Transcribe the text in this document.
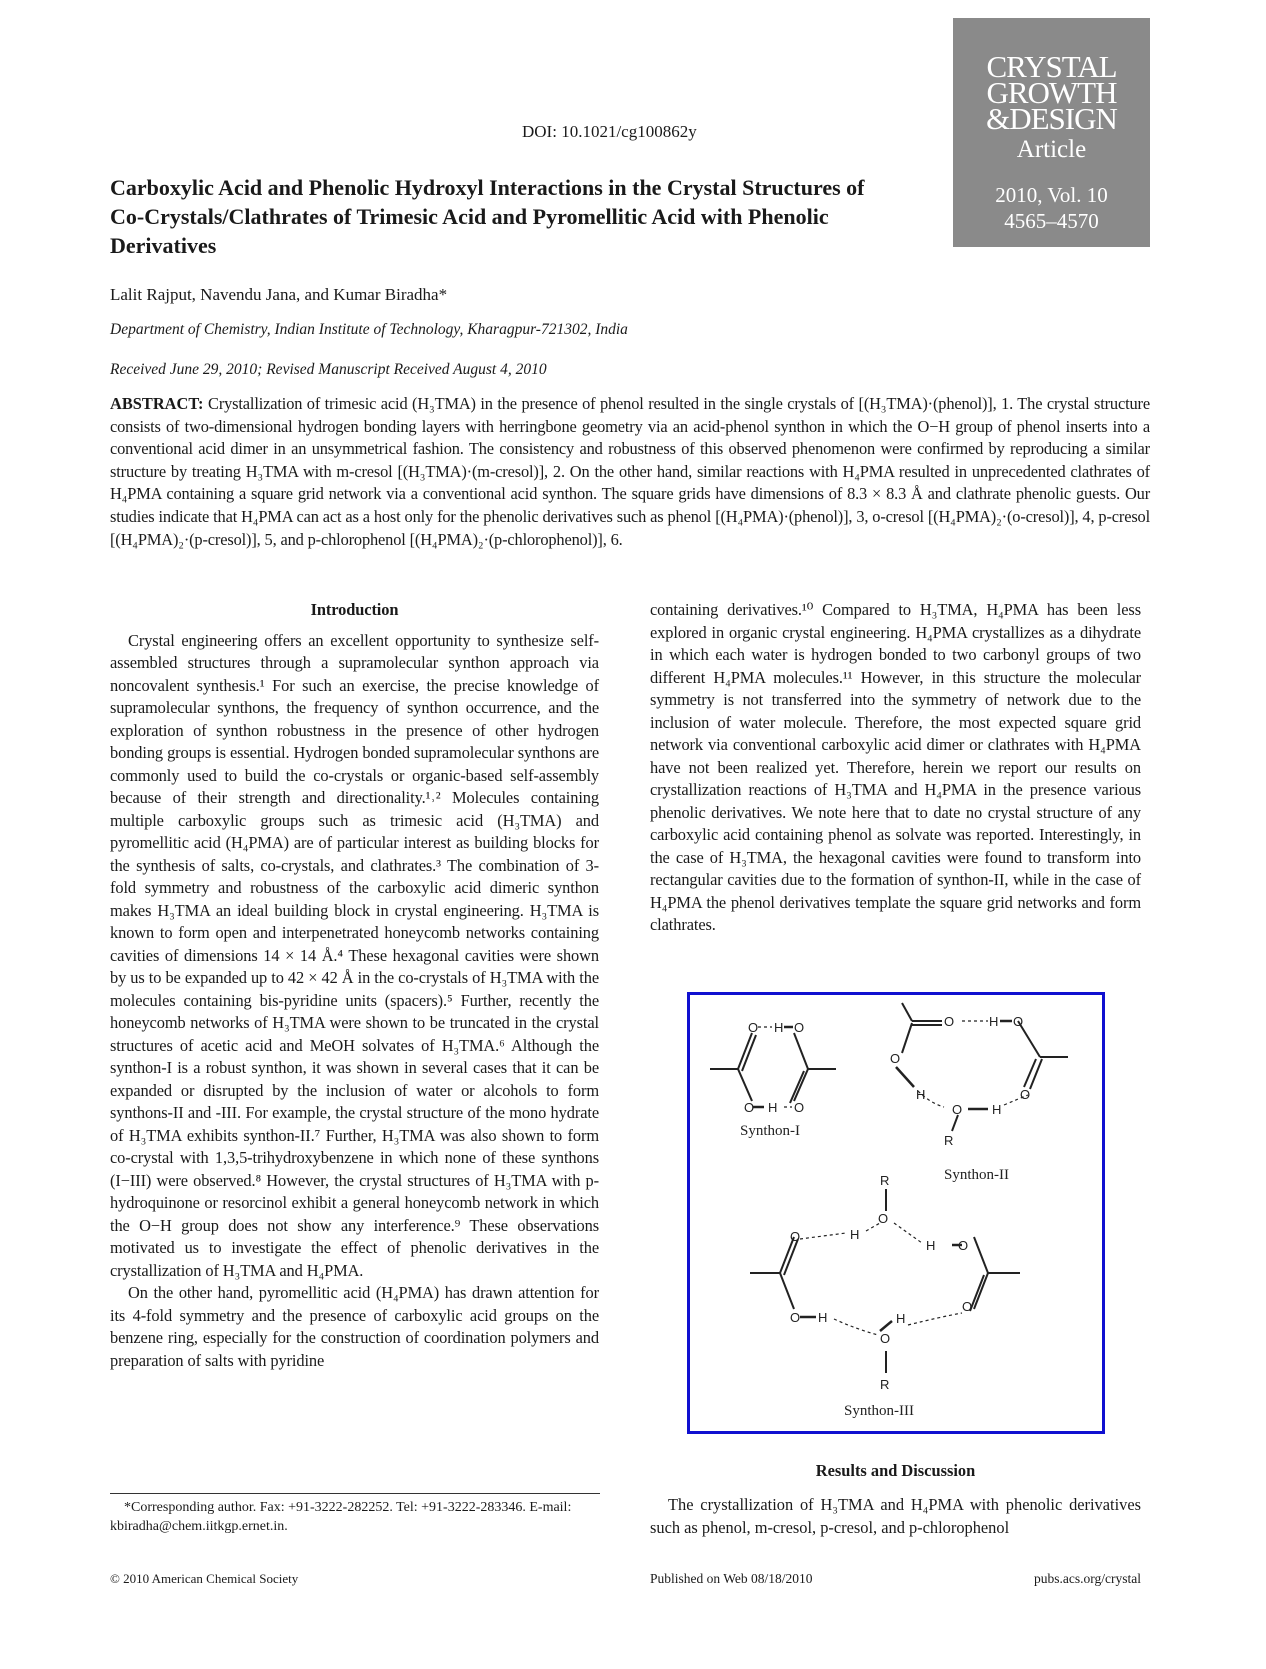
CRYSTAL
GROWTH
&DESIGN
Article
2010, Vol. 10
4565–4570
DOI: 10.1021/cg100862y
Carboxylic Acid and Phenolic Hydroxyl Interactions in the Crystal Structures of Co-Crystals/Clathrates of Trimesic Acid and Pyromellitic Acid with Phenolic Derivatives
Lalit Rajput, Navendu Jana, and Kumar Biradha*
Department of Chemistry, Indian Institute of Technology, Kharagpur-721302, India
Received June 29, 2010; Revised Manuscript Received August 4, 2010
ABSTRACT: Crystallization of trimesic acid (H₃TMA) in the presence of phenol resulted in the single crystals of [(H₃TMA)·(phenol)], 1. The crystal structure consists of two-dimensional hydrogen bonding layers with herringbone geometry via an acid-phenol synthon in which the O−H group of phenol inserts into a conventional acid dimer in an unsymmetrical fashion. The consistency and robustness of this observed phenomenon were confirmed by reproducing a similar structure by treating H₃TMA with m-cresol [(H₃TMA)·(m-cresol)], 2. On the other hand, similar reactions with H₄PMA resulted in unprecedented clathrates of H₄PMA containing a square grid network via a conventional acid synthon. The square grids have dimensions of 8.3 × 8.3 Å and clathrate phenolic guests. Our studies indicate that H₄PMA can act as a host only for the phenolic derivatives such as phenol [(H₄PMA)·(phenol)], 3, o-cresol [(H₄PMA)₂·(o-cresol)], 4, p-cresol [(H₄PMA)₂·(p-cresol)], 5, and p-chlorophenol [(H₄PMA)₂·(p-chlorophenol)], 6.

Introduction

Crystal engineering offers an excellent opportunity to synthesize self-assembled structures through a supramolecular synthon approach via noncovalent synthesis.¹ For such an exercise, the precise knowledge of supramolecular synthons, the frequency of synthon occurrence, and the exploration of synthon robustness in the presence of other hydrogen bonding groups is essential. Hydrogen bonded supramolecular synthons are commonly used to build the co-crystals or organic-based self-assembly because of their strength and directionality.¹˒² Molecules containing multiple carboxylic groups such as trimesic acid (H₃TMA) and pyromellitic acid (H₄PMA) are of particular interest as building blocks for the synthesis of salts, co-crystals, and clathrates.³ The combination of 3-fold symmetry and robustness of the carboxylic acid dimeric synthon makes H₃TMA an ideal building block in crystal engineering. H₃TMA is known to form open and interpenetrated honeycomb networks containing cavities of dimensions 14 × 14 Å.⁴ These hexagonal cavities were shown by us to be expanded up to 42 × 42 Å in the co-crystals of H₃TMA with the molecules containing bis-pyridine units (spacers).⁵ Further, recently the honeycomb networks of H₃TMA were shown to be truncated in the crystal structures of acetic acid and MeOH solvates of H₃TMA.⁶ Although the synthon-I is a robust synthon, it was shown in several cases that it can be expanded or disrupted by the inclusion of water or alcohols to form synthons-II and -III. For example, the crystal structure of the mono hydrate of H₃TMA exhibits synthon-II.⁷ Further, H₃TMA was also shown to form co-crystal with 1,3,5-trihydroxybenzene in which none of these synthons (I−III) were observed.⁸ However, the crystal structures of H₃TMA with p-hydroquinone or resorcinol exhibit a general honeycomb network in which the O−H group does not show any interference.⁹ These observations motivated us to investigate the effect of phenolic derivatives in the crystallization of H₃TMA and H₄PMA.

On the other hand, pyromellitic acid (H₄PMA) has drawn attention for its 4-fold symmetry and the presence of carboxylic acid groups on the benzene ring, especially for the construction of coordination polymers and preparation of salts with pyridine

containing derivatives.¹⁰ Compared to H₃TMA, H₄PMA has been less explored in organic crystal engineering. H₄PMA crystallizes as a dihydrate in which each water is hydrogen bonded to two carbonyl groups of two different H₄PMA molecules.¹¹ However, in this structure the molecular symmetry is not transferred into the symmetry of network due to the inclusion of water molecule. Therefore, the most expected square grid network via conventional carboxylic acid dimer or clathrates with H₄PMA have not been realized yet. Therefore, herein we report our results on crystallization reactions of H₃TMA and H₄PMA in the presence various phenolic derivatives. We note here that to date no crystal structure of any carboxylic acid containing phenol as solvate was reported. Interestingly, in the case of H₃TMA, the hexagonal cavities were found to transform into rectangular cavities due to the formation of synthon-II, while in the case of H₄PMA the phenol derivatives template the square grid networks and form clathrates.

O H O
O H O
O
O	H O
H
O H
O
R
R
O
H
H O
O
O H
O
H
O
R
Synthon-I
Synthon-II
Synthon-III
Results and Discussion
The crystallization of H₃TMA and H₄PMA with phenolic derivatives such as phenol, m-cresol, p-cresol, and p-chlorophenol
*Corresponding author. Fax: +91-3222-282252. Tel: +91-3222-283346. E-mail: kbiradha@chem.iitkgp.ernet.in.
© 2010 American Chemical Society	Published on Web 08/18/2010	pubs.acs.org/crystal
